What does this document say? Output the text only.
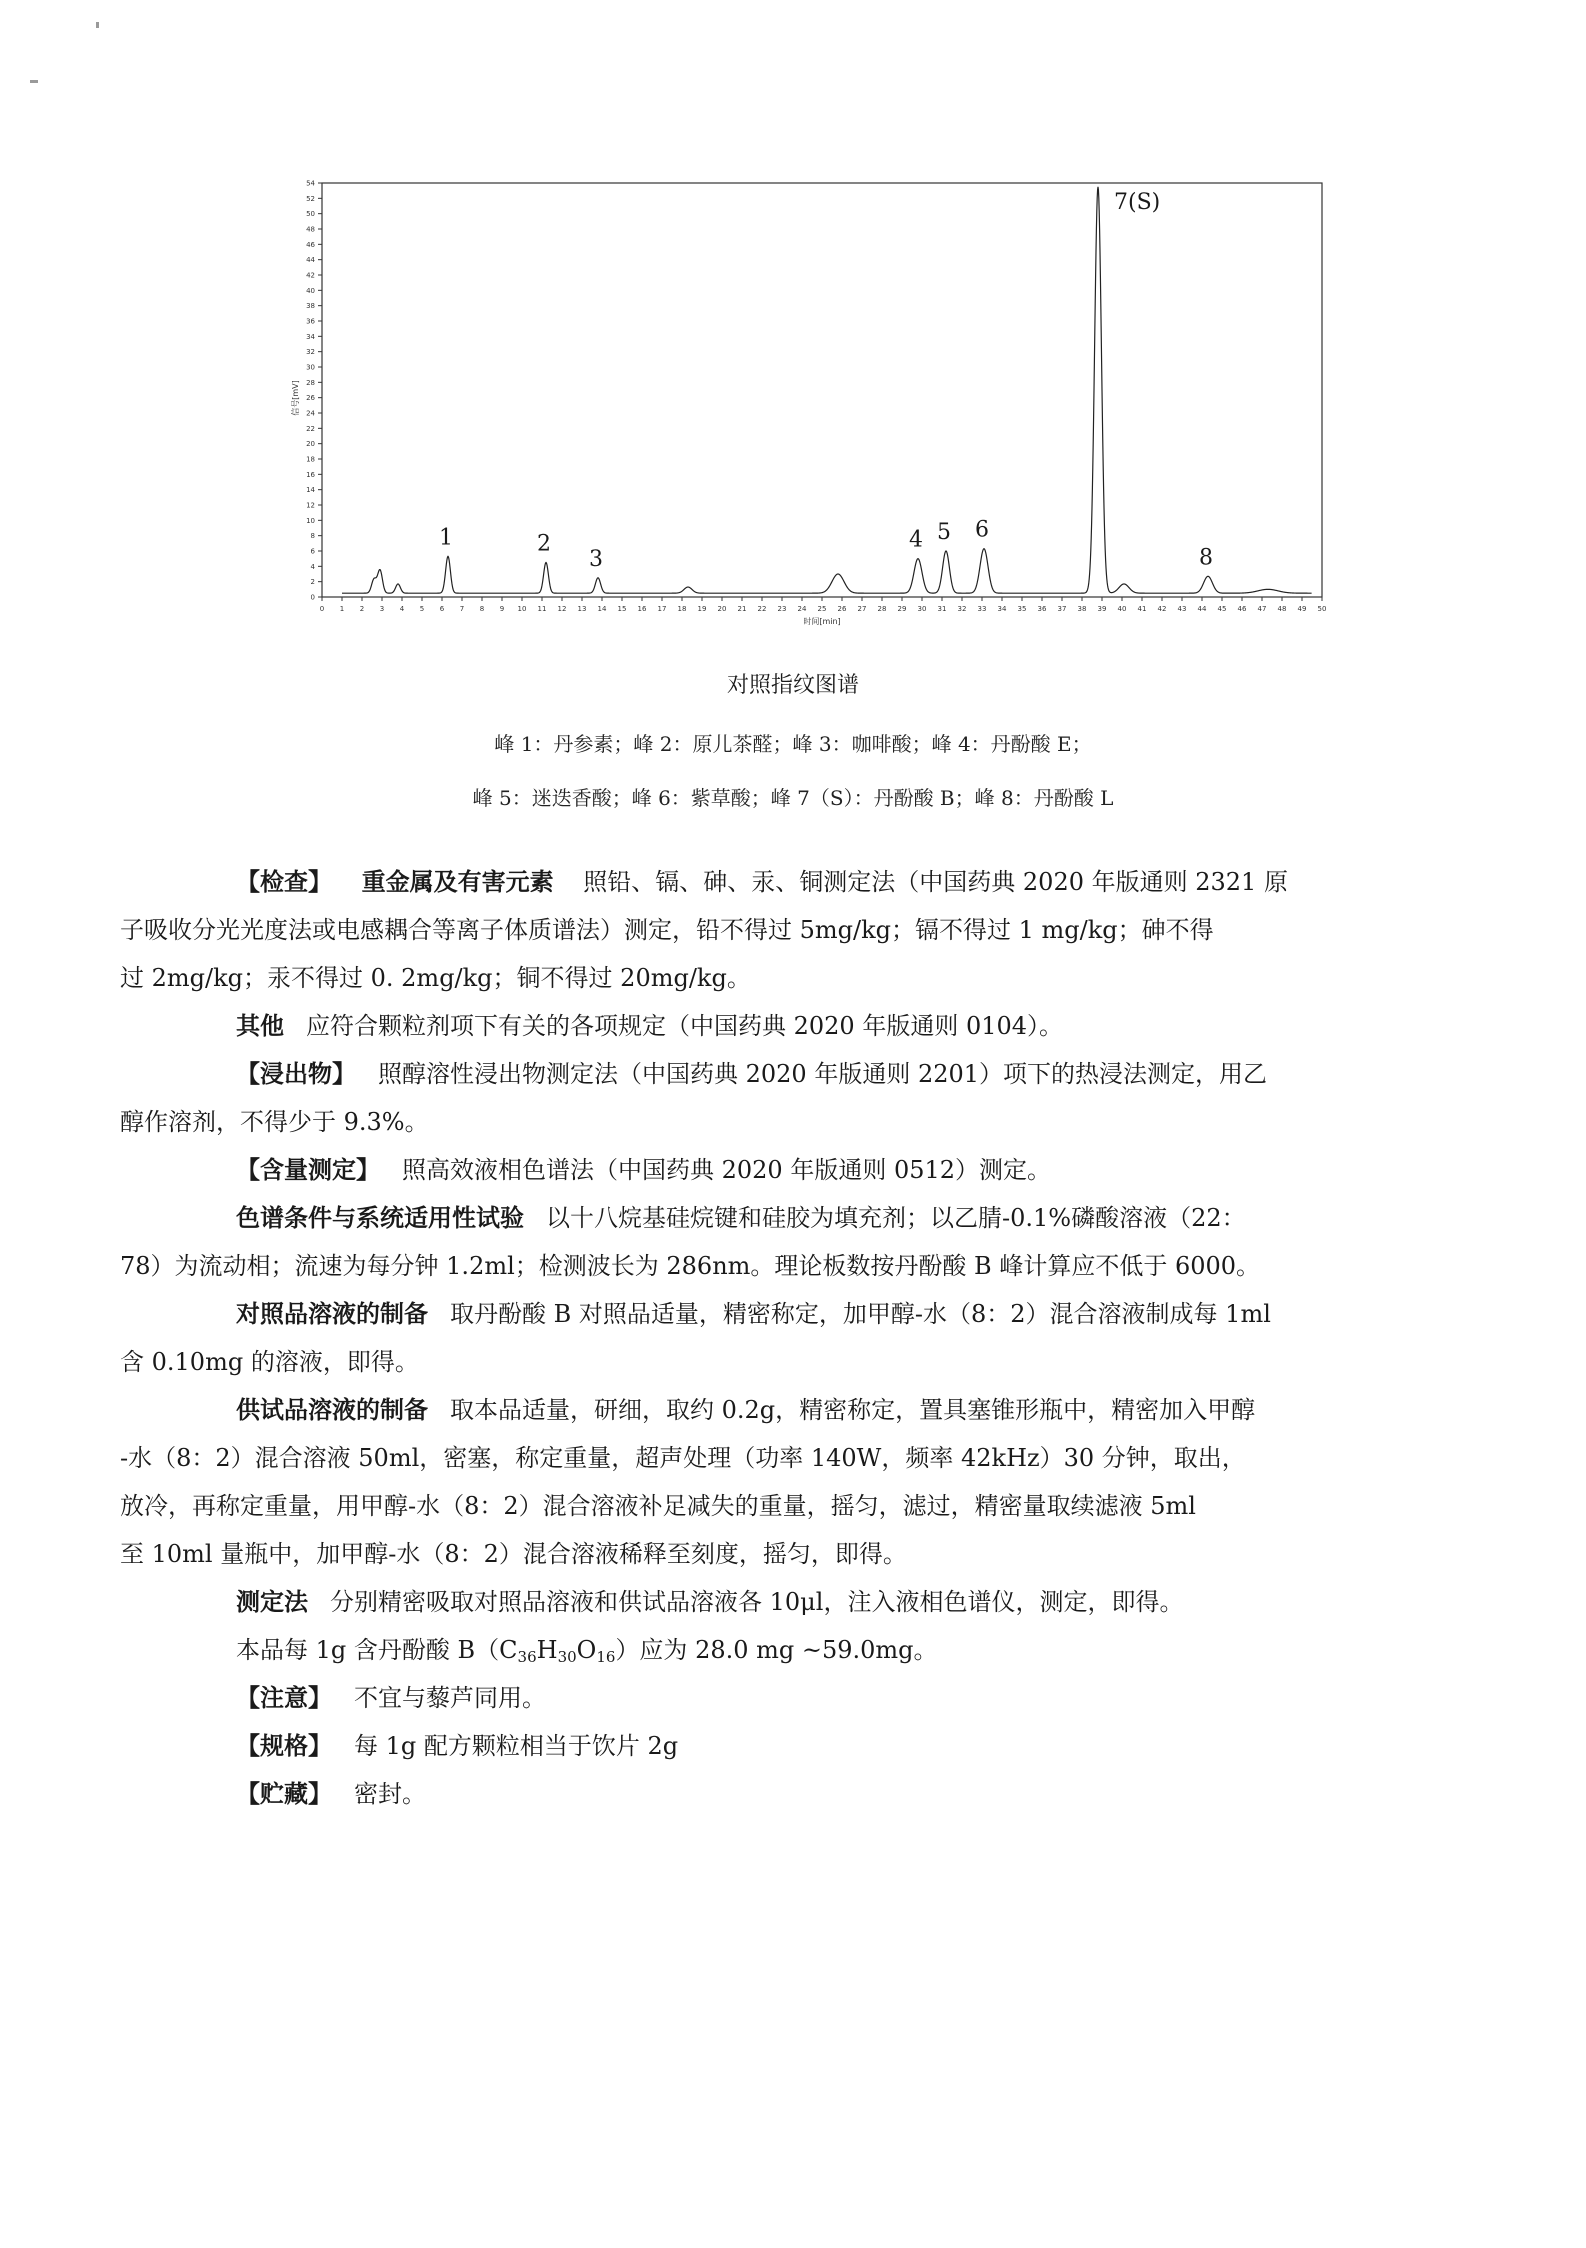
0
2
4
6
8
10
12
14
16
18
20
22
24
26
28
30
32
34
36
38
40
42
44
46
48
50
52
54
0 1 2 3 4 5 6 7 8 9 10 11 12 13 14 15 16 17 18 19 20 21 22 23 24 25 26 27 28 29 30 31 32 33 34 35 36 37 38 39 40 41 42 43 44 45 46 47 48 49 50
时间[min]
信号[mV]
1	2
3
4 5 6
7(S)
8
对照指纹图谱
峰 1：丹参素；峰 2：原儿茶醛；峰 3：咖啡酸；峰 4：丹酚酸 E；
峰 5：迷迭香酸；峰 6：紫草酸；峰 7（S）：丹酚酸 B；峰 8：丹酚酸 L

【检查】 重金属及有害元素 照铅、镉、砷、汞、铜测定法（中国药典 2020 年版通则 2321 原
子吸收分光光度法或电感耦合等离子体质谱法）测定，铅不得过 5mg/kg；镉不得过 1 mg/kg；砷不得
过 2mg/kg；汞不得过 0. 2mg/kg；铜不得过 20mg/kg。

其他 应符合颗粒剂项下有关的各项规定（中国药典 2020 年版通则 0104）。

【浸出物】 照醇溶性浸出物测定法（中国药典 2020 年版通则 2201）项下的热浸法测定，用乙
醇作溶剂，不得少于 9.3%。

【含量测定】 照高效液相色谱法（中国药典 2020 年版通则 0512）测定。

色谱条件与系统适用性试验 以十八烷基硅烷键和硅胶为填充剂；以乙腈-0.1%磷酸溶液（22：
78）为流动相；流速为每分钟 1.2ml；检测波长为 286nm。理论板数按丹酚酸 B 峰计算应不低于 6000。

对照品溶液的制备 取丹酚酸 B 对照品适量，精密称定，加甲醇-水（8：2）混合溶液制成每 1ml
含 0.10mg 的溶液，即得。

供试品溶液的制备 取本品适量，研细，取约 0.2g，精密称定，置具塞锥形瓶中，精密加入甲醇
-水（8：2）混合溶液 50ml，密塞，称定重量，超声处理（功率 140W，频率 42kHz）30 分钟，取出，
放冷，再称定重量，用甲醇-水（8：2）混合溶液补足减失的重量，摇匀，滤过，精密量取续滤液 5ml
至 10ml 量瓶中，加甲醇-水（8：2）混合溶液稀释至刻度，摇匀，即得。

测定法 分别精密吸取对照品溶液和供试品溶液各 10μl，注入液相色谱仪，测定，即得。

本品每 1g 含丹酚酸 $B(C_{36}H_{30}O_{16})$应为 28.0 mg ~59.0mg。

【注意】 不宜与藜芦同用。

【规格】 每 1g 配方颗粒相当于饮片 2g

【贮藏】 密封。
